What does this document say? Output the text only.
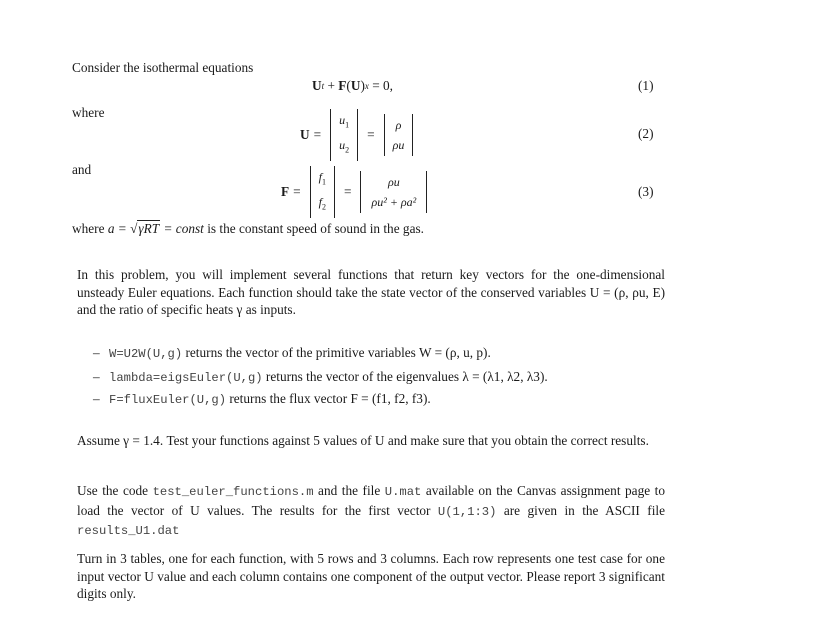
Consider the isothermal equations
U t + F ( U ) x = 0,	(1)
where
U =
$u_1$
$u_2$
=
ρ
ρu
(2)
and
F =
$f_1$
$f_2$
=
ρu
ρu² + ρa²
(3)
where a = √γRT = const is the constant speed of sound in the gas.
In this problem, you will implement several functions that return key vectors for the one-dimensional unsteady Euler equations. Each function should take the state vector of the conserved variables U = (ρ, ρu, E) and the ratio of specific heats γ as inputs.
– W=U2W(U,g) returns the vector of the primitive variables W = (ρ, u, p).
– lambda=eigsEuler(U,g) returns the vector of the eigenvalues λ = (λ1, λ2, λ3).
– F=fluxEuler(U,g) returns the flux vector F = (f1, f2, f3).
Assume γ = 1.4. Test your functions against 5 values of U and make sure that you obtain the correct results.
Use the code test_euler_functions.m and the file U.mat available on the Canvas assignment page to load the vector of U values. The results for the first vector U(1,1:3) are given in the ASCII file results_U1.dat
Turn in 3 tables, one for each function, with 5 rows and 3 columns. Each row represents one test case for one input vector U value and each column contains one component of the output vector. Please report 3 significant digits only.
